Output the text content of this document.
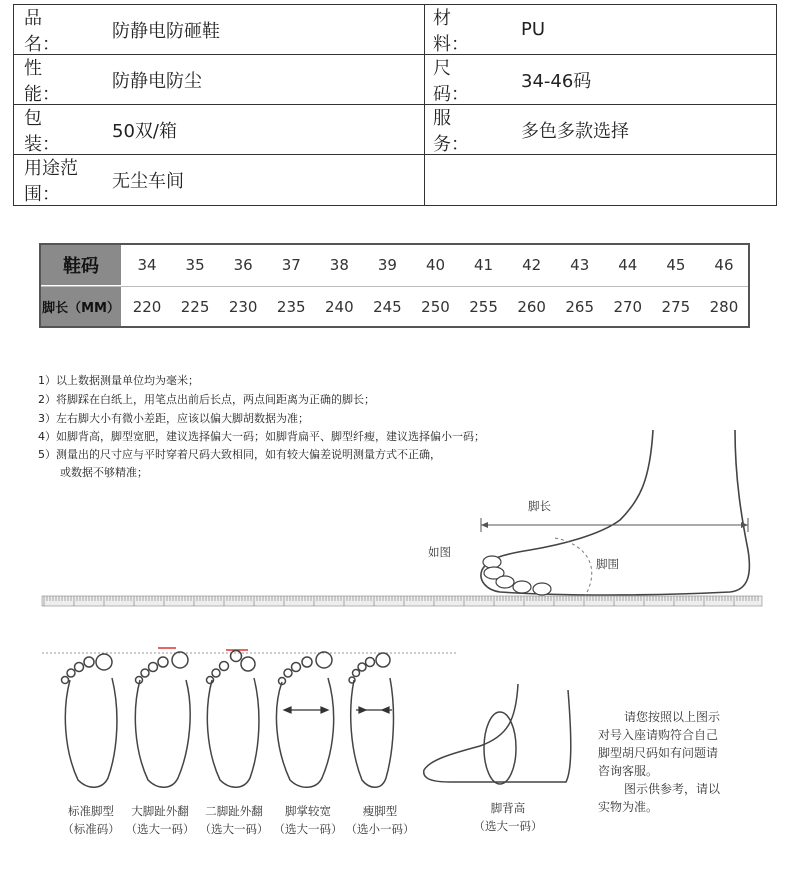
品　　名：
防静电防砸鞋
材　　料：
PU
性　　能：
防静电防尘
尺　　码：
34-46码
包　　装：
50双/箱
服　　务：
多色多款选择
用途范围：
无尘车间
鞋码
脚长（MM）
34
220
35
225
36
230
37
235
38
240
39
245
40
250
41
255
42
260
43
265
44
270
45
275
46
280
1）以上数据测量单位均为毫米；
2）将脚踩在白纸上，用笔点出前后长点，两点间距离为正确的脚长；
3）左右脚大小有微小差距，应该以偏大脚胡数据为准；
4）如脚背高，脚型宽肥，建议选择偏大一码；如脚背扁平、脚型纤瘦，建议选择偏小一码；
5）测量出的尺寸应与平时穿着尺码大致相同，如有较大偏差说明测量方式不正确，
　　或数据不够精准；
脚长
如图
脚围
标准脚型
（标准码）
大脚趾外翻
（选大一码）
二脚趾外翻
（选大一码）
脚掌较宽
（选大一码）
瘦脚型
（选小一码）
脚背高
（选大一码）
请您按照以上图示
对号入座请购符合自己
脚型胡尺码如有问题请
咨询客服。
图示供参考，请以
实物为准。
